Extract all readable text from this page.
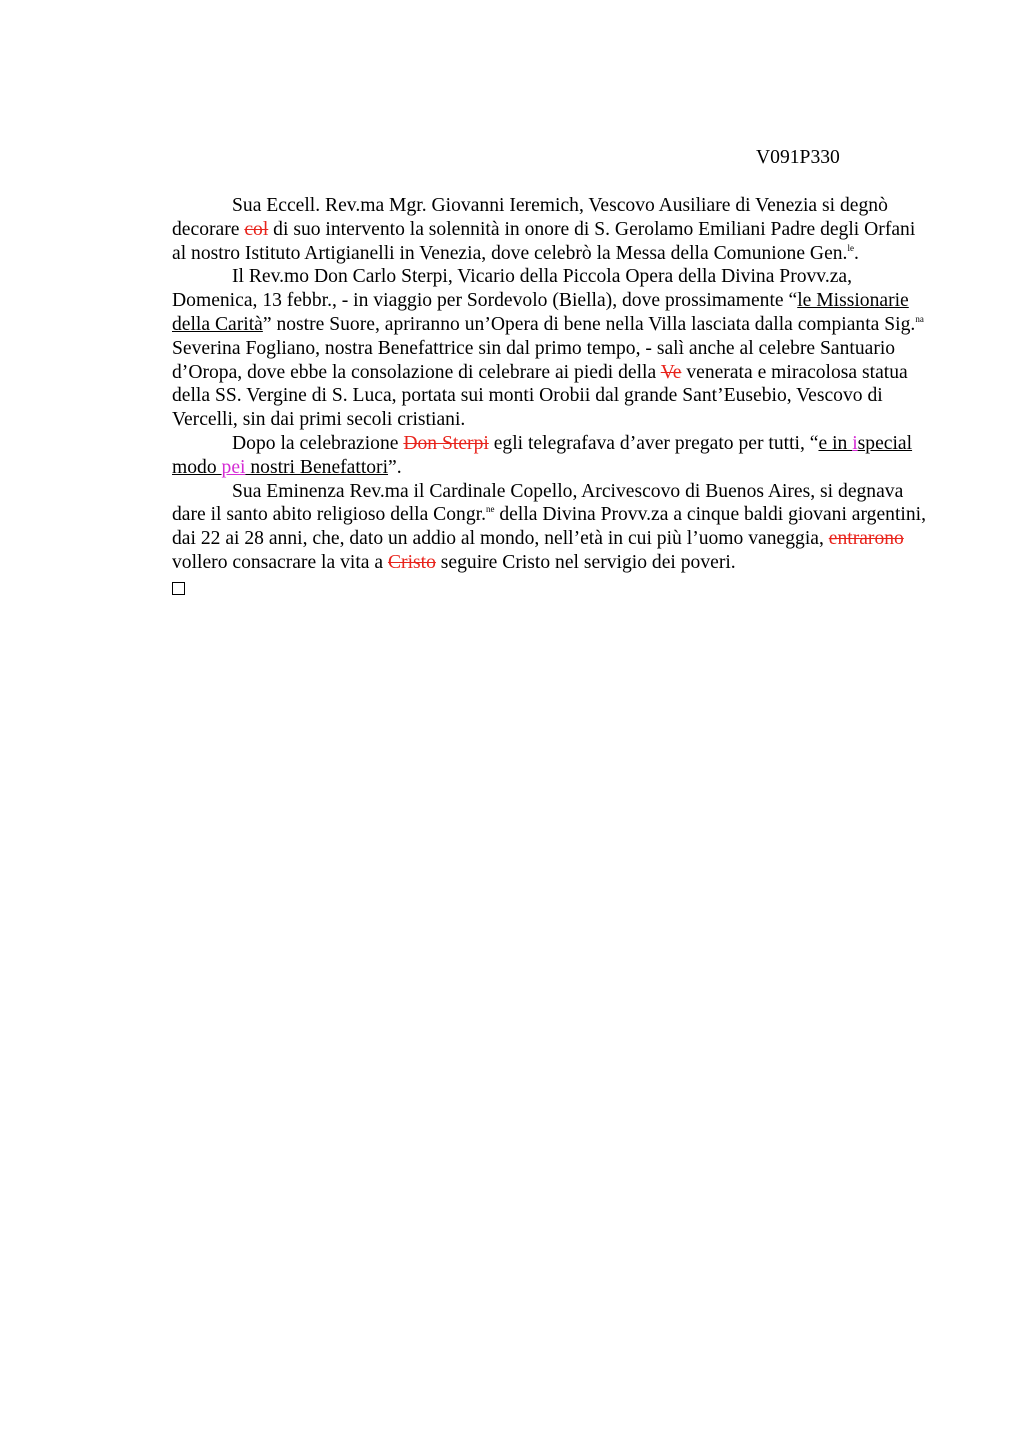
V091P330

Sua Eccell. Rev.ma Mgr. Giovanni Ieremich, Vescovo Ausiliare di Venezia si degnò decorare col di suo intervento la solennità in onore di S. Gerolamo Emiliani Padre degli Orfani al nostro Istituto Artigianelli in Venezia, dove celebrò la Messa della Comunione Gen.$^{le}$.

Il Rev.mo Don Carlo Sterpi, Vicario della Piccola Opera della Divina Provv.za, Domenica, 13 febbr., - in viaggio per Sordevolo (Biella), dove prossimamente “le Missionarie della Carità” nostre Suore, apriranno un’Opera di bene nella Villa lasciata dalla compianta Sig.$^{na}$ Severina Fogliano, nostra Benefattrice sin dal primo tempo, - salì anche al celebre Santuario d’Oropa, dove ebbe la consolazione di celebrare ai piedi della Ve venerata e miracolosa statua della SS. Vergine di S. Luca, portata sui monti Orobii dal grande Sant’Eusebio, Vescovo di Vercelli, sin dai primi secoli cristiani.

Dopo la celebrazione Don Sterpi egli telegrafava d’aver pregato per tutti, “e in ispecial modo pei nostri Benefattori”.

Sua Eminenza Rev.ma il Cardinale Copello, Arcivescovo di Buenos Aires, si degnava dare il santo abito religioso della Congr.$^{ne}$ della Divina Provv.za a cinque baldi giovani argentini, dai 22 ai 28 anni, che, dato un addio al mondo, nell’età in cui più l’uomo vaneggia, entrarono vollero consacrare la vita a Cristo seguire Cristo nel servigio dei poveri.
